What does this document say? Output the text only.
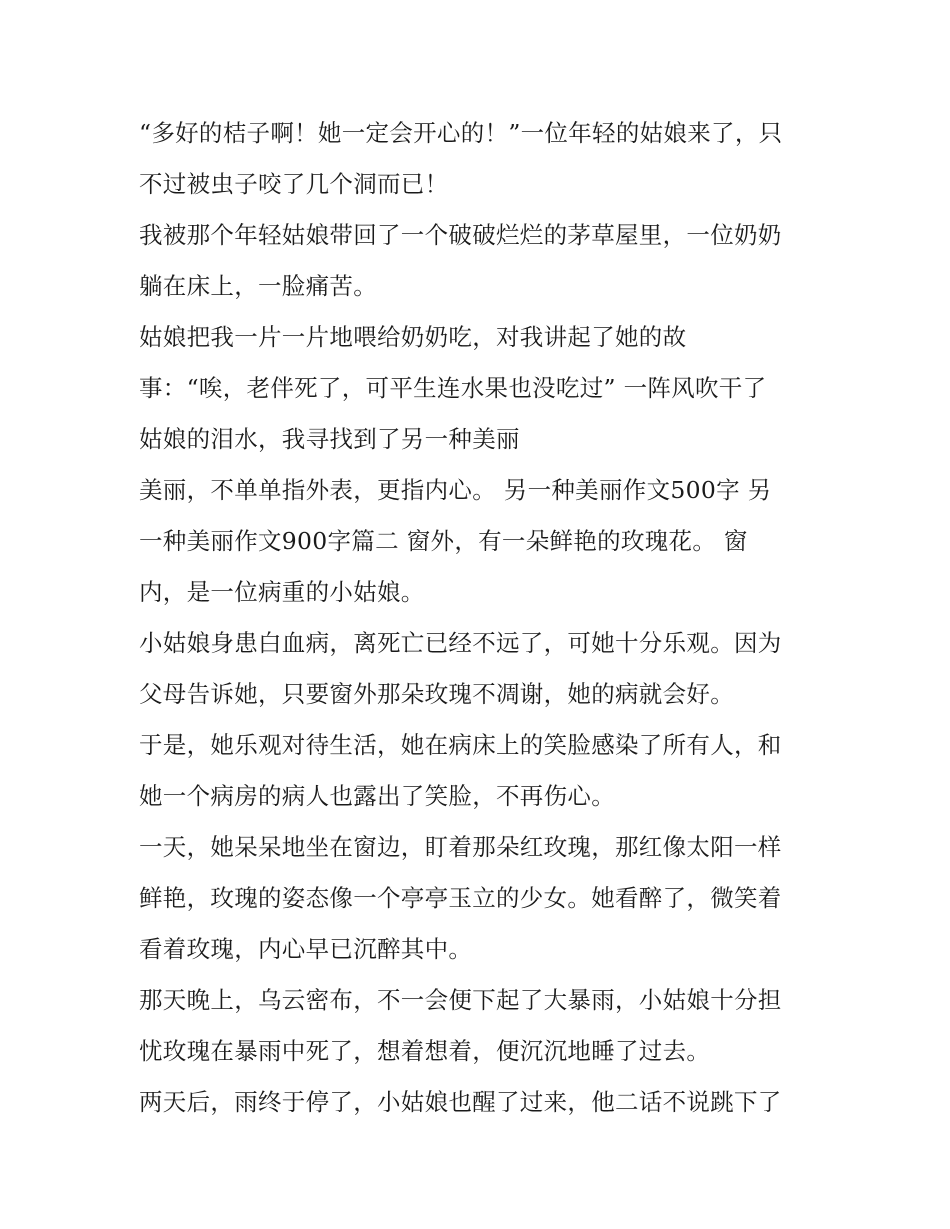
“多好的桔子啊！她一定会开心的！”一位年轻的姑娘来了，只
不过被虫子咬了几个洞而已！
我被那个年轻姑娘带回了一个破破烂烂的茅草屋里，一位奶奶
躺在床上，一脸痛苦。
姑娘把我一片一片地喂给奶奶吃，对我讲起了她的故
事：“唉，老伴死了，可平生连水果也没吃过” 一阵风吹干了
姑娘的泪水，我寻找到了另一种美丽
美丽，不单单指外表，更指内心。 另一种美丽作文500字 另
一种美丽作文900字篇二 窗外，有一朵鲜艳的玫瑰花。 窗
内，是一位病重的小姑娘。
小姑娘身患白血病，离死亡已经不远了，可她十分乐观。因为
父母告诉她，只要窗外那朵玫瑰不凋谢，她的病就会好。
于是，她乐观对待生活，她在病床上的笑脸感染了所有人，和
她一个病房的病人也露出了笑脸，不再伤心。
一天，她呆呆地坐在窗边，盯着那朵红玫瑰，那红像太阳一样
鲜艳，玫瑰的姿态像一个亭亭玉立的少女。她看醉了，微笑着
看着玫瑰，内心早已沉醉其中。
那天晚上，乌云密布，不一会便下起了大暴雨，小姑娘十分担
忧玫瑰在暴雨中死了，想着想着，便沉沉地睡了过去。
两天后，雨终于停了，小姑娘也醒了过来，他二话不说跳下了
